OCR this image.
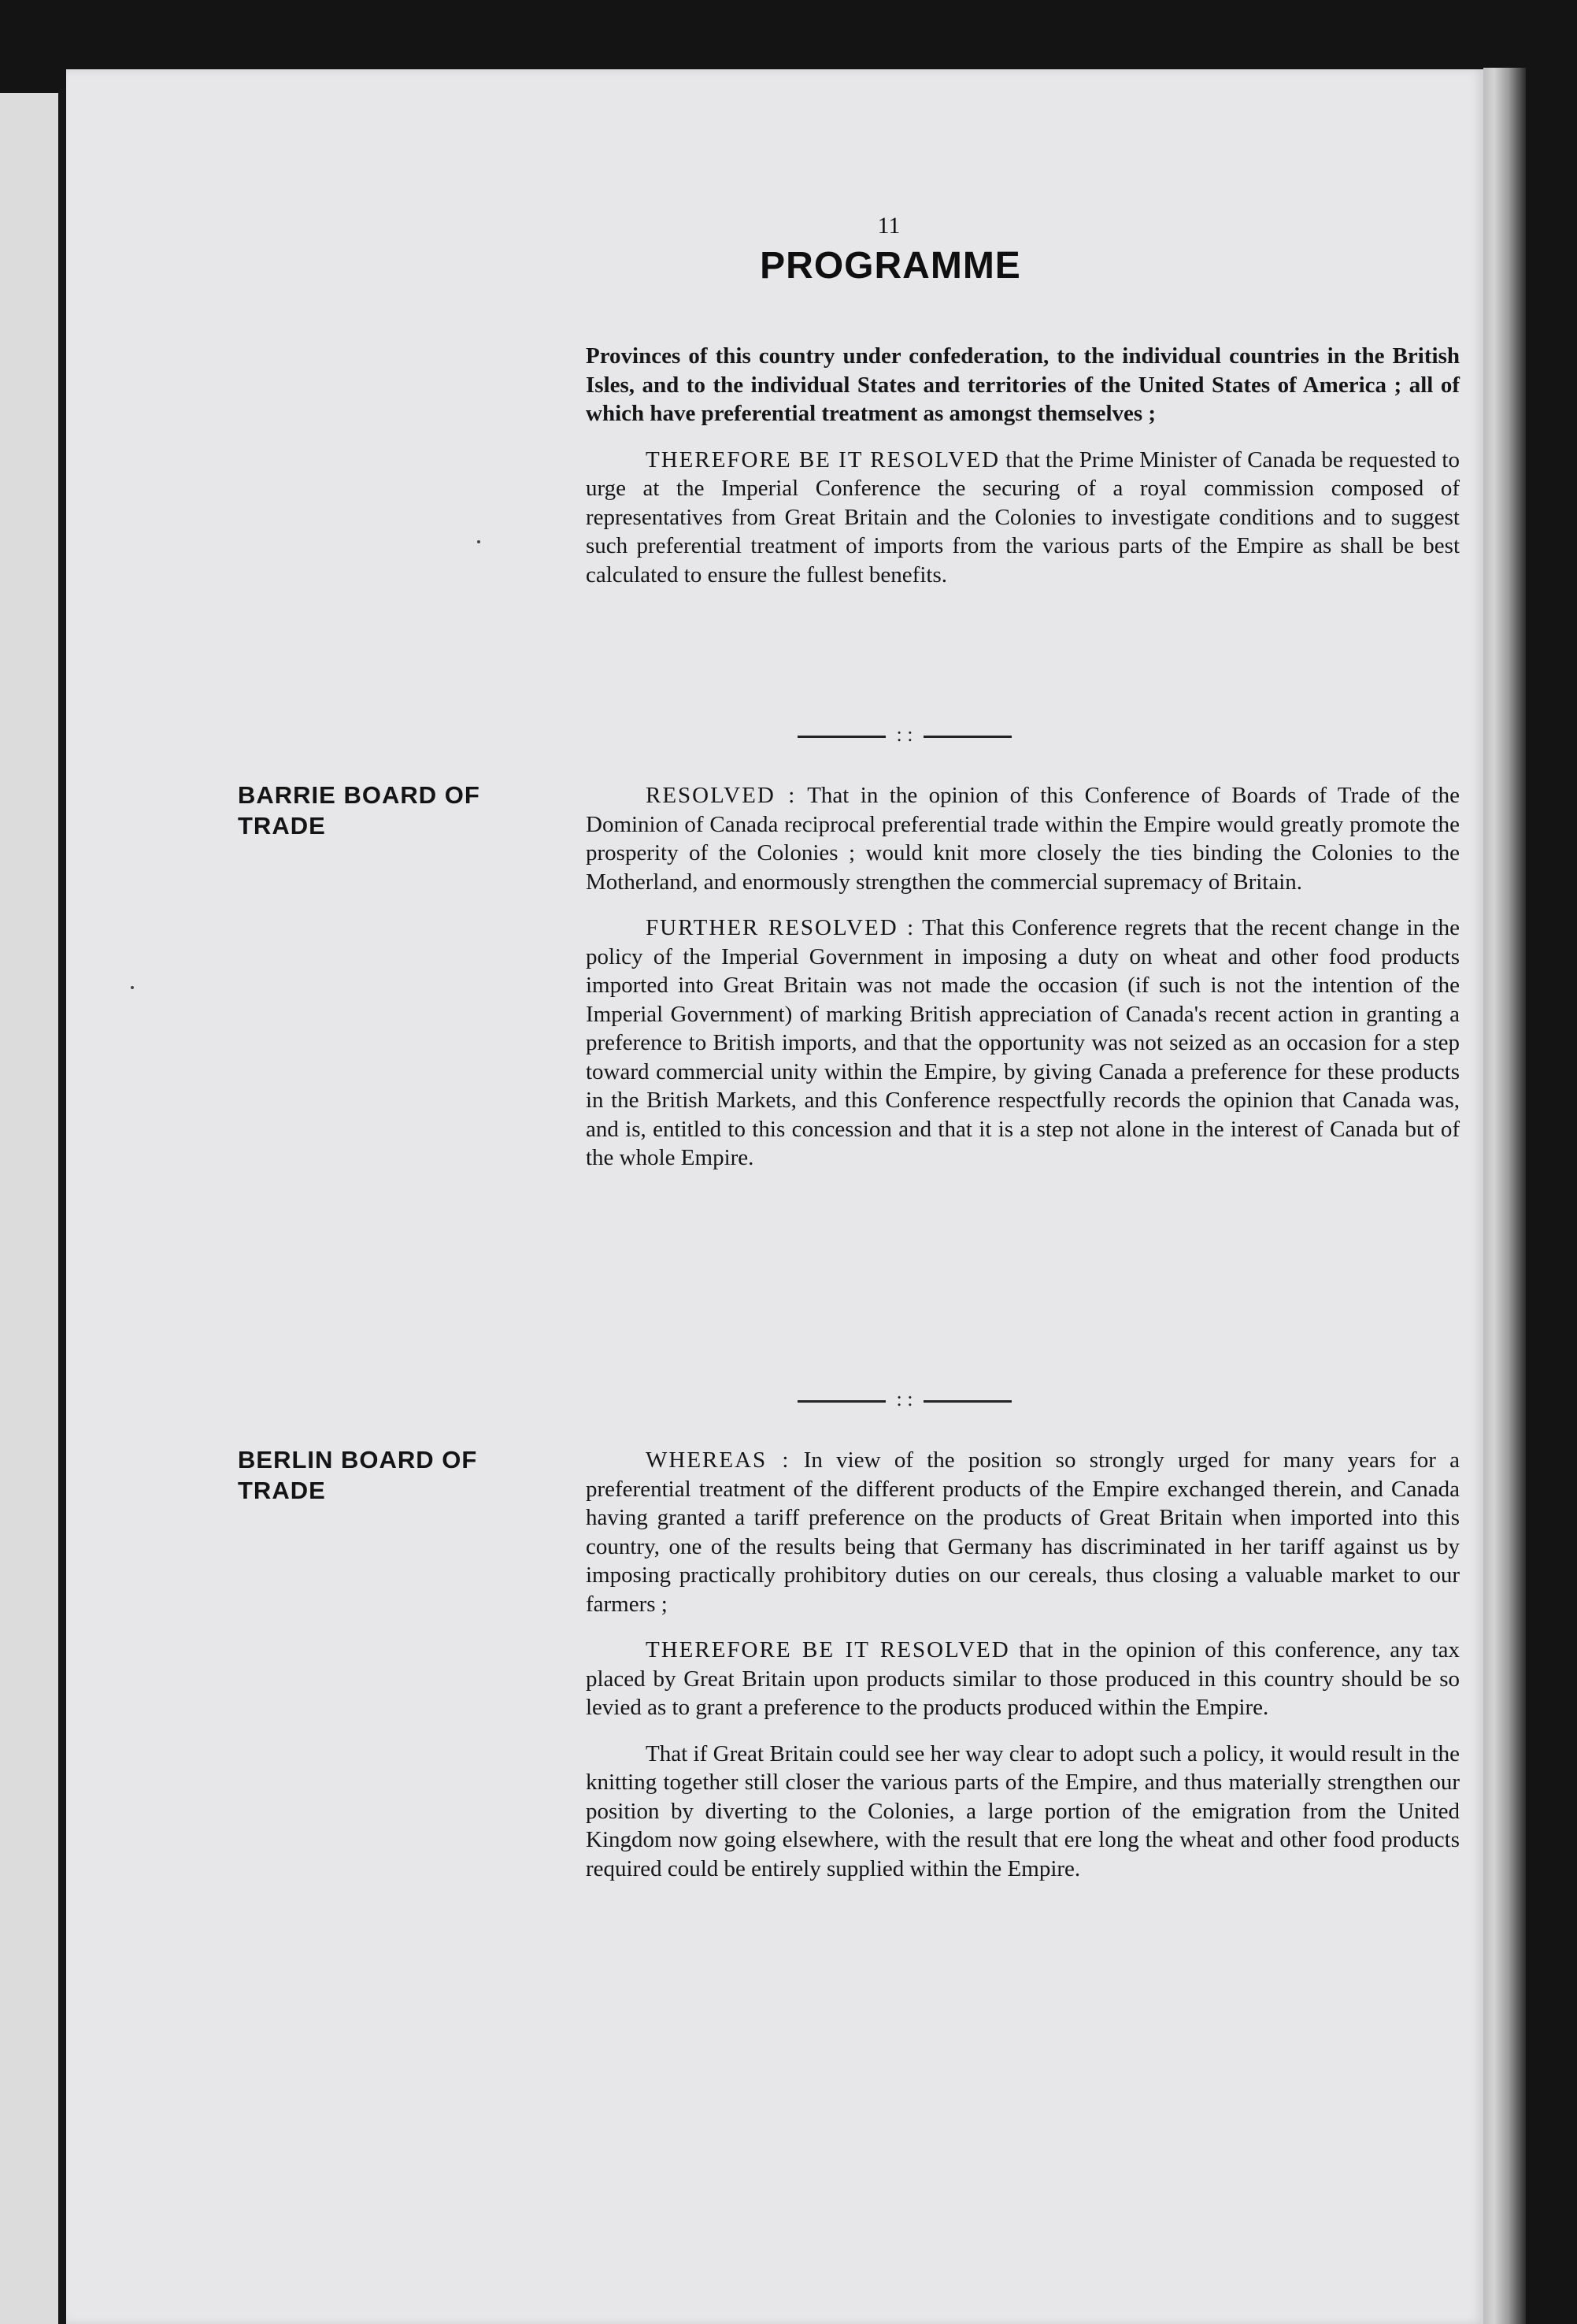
11
PROGRAMME

Provinces of this country under confederation, to the individual countries in the British Isles, and to the individual States and territories of the United States of America ; all of which have preferential treatment as amongst themselves ;

THEREFORE BE IT RESOLVED that the Prime Minister of Canada be requested to urge at the Imperial Conference the securing of a royal commission composed of representatives from Great Britain and the Colonies to investigate conditions and to suggest such preferential treatment of imports from the various parts of the Empire as shall be best calculated to ensure the fullest benefits.

: :
BARRIE BOARD OF TRADE

RESOLVED : That in the opinion of this Conference of Boards of Trade of the Dominion of Canada reciprocal preferential trade within the Empire would greatly promote the prosperity of the Colonies ; would knit more closely the ties binding the Colonies to the Motherland, and enormously strengthen the commercial supremacy of Britain.

FURTHER RESOLVED : That this Conference regrets that the recent change in the policy of the Imperial Government in imposing a duty on wheat and other food products imported into Great Britain was not made the occasion (if such is not the intention of the Imperial Government) of marking British appreciation of Canada's recent action in granting a preference to British imports, and that the opportunity was not seized as an occasion for a step toward commercial unity within the Empire, by giving Canada a preference for these products in the British Markets, and this Conference respectfully records the opinion that Canada was, and is, entitled to this concession and that it is a step not alone in the interest of Canada but of the whole Empire.

: :
BERLIN BOARD OF TRADE

WHEREAS : In view of the position so strongly urged for many years for a preferential treatment of the different products of the Empire exchanged therein, and Canada having granted a tariff preference on the products of Great Britain when imported into this country, one of the results being that Germany has discriminated in her tariff against us by imposing practically prohibitory duties on our cereals, thus closing a valuable market to our farmers ;

THEREFORE BE IT RESOLVED that in the opinion of this conference, any tax placed by Great Britain upon products similar to those produced in this country should be so levied as to grant a preference to the products produced within the Empire.

That if Great Britain could see her way clear to adopt such a policy, it would result in the knitting together still closer the various parts of the Empire, and thus materially strengthen our position by diverting to the Colonies, a large portion of the emigration from the United Kingdom now going elsewhere, with the result that ere long the wheat and other food products required could be entirely supplied within the Empire.
